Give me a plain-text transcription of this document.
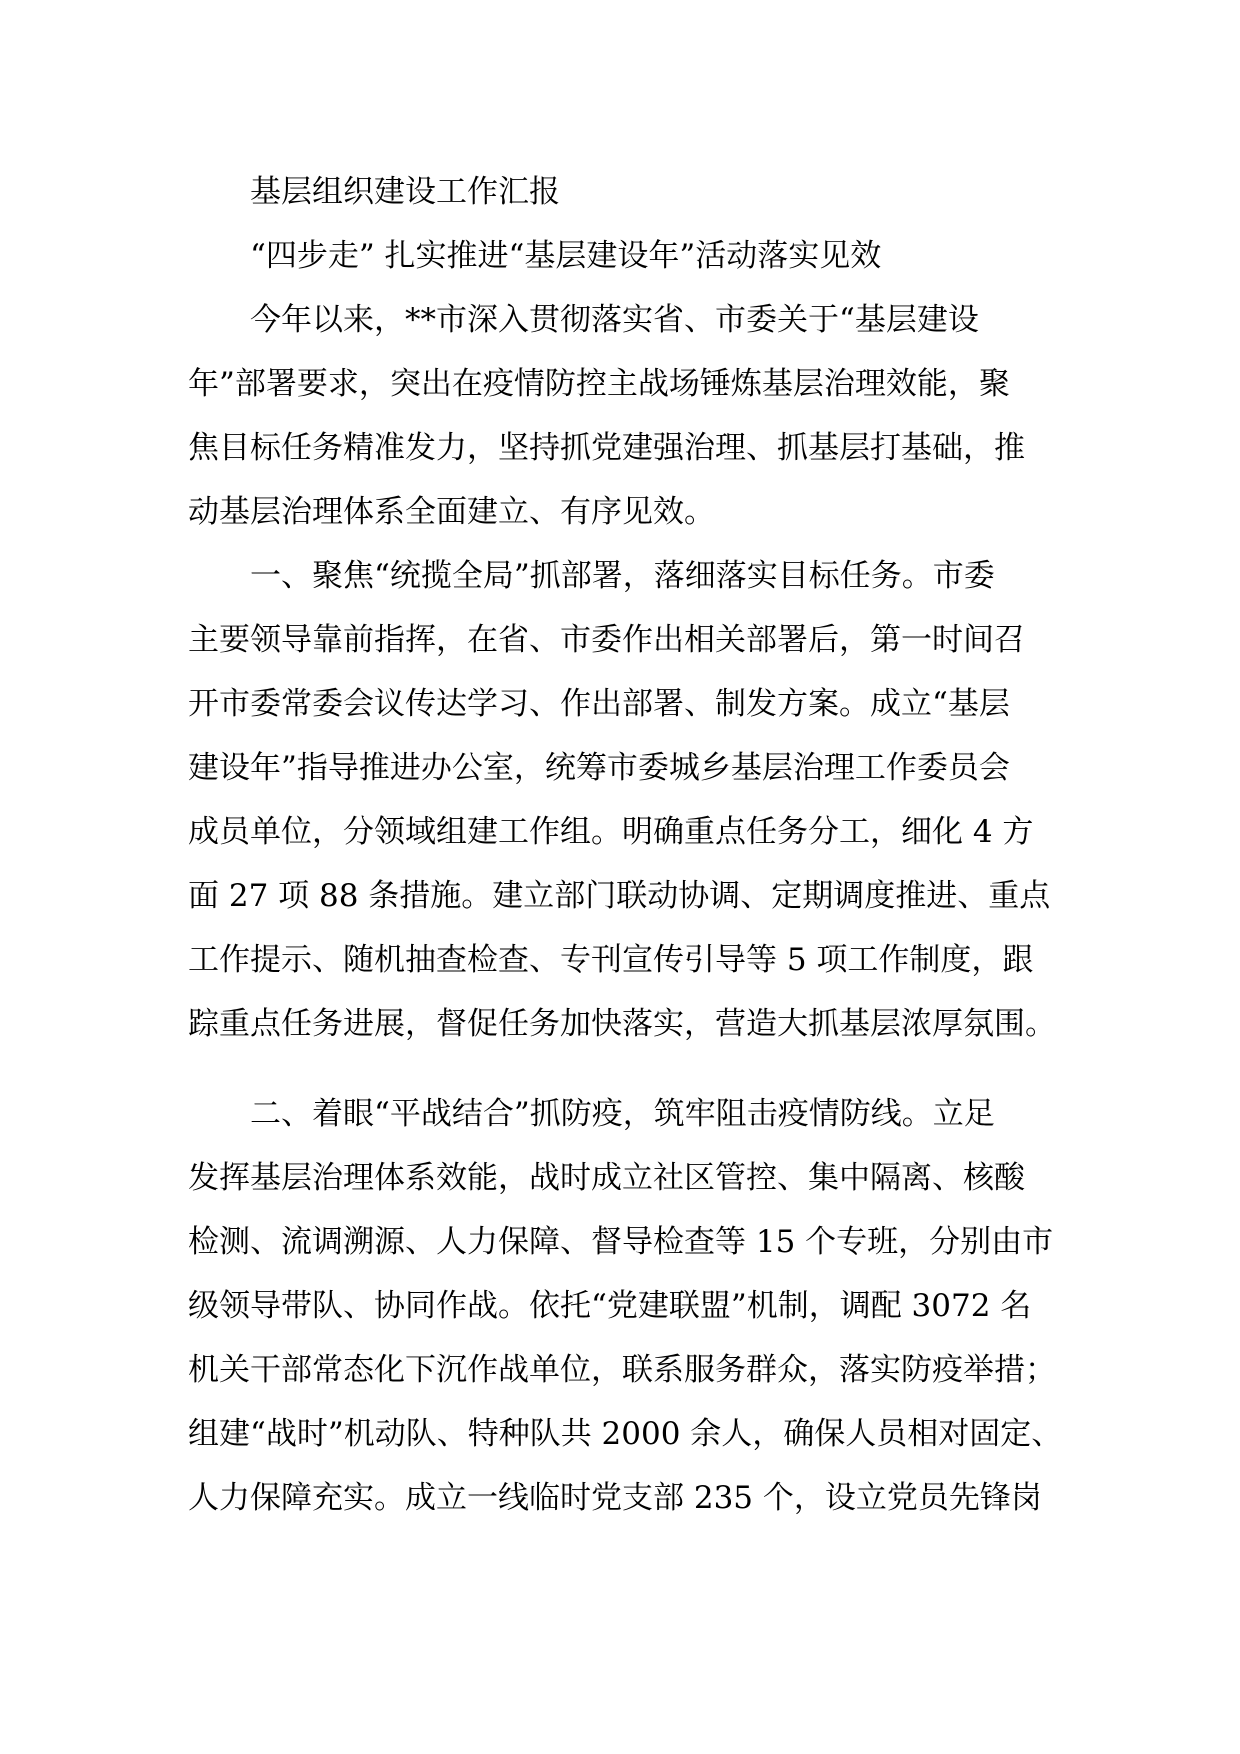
基层组织建设工作汇报

“四步走” 扎实推进“基层建设年”活动落实见效

今年以来，**市深入贯彻落实省、市委关于“基层建设

年”部署要求，突出在疫情防控主战场锤炼基层治理效能，聚

焦目标任务精准发力，坚持抓党建强治理、抓基层打基础，推

动基层治理体系全面建立、有序见效。

一、聚焦“统揽全局”抓部署，落细落实目标任务。市委

主要领导靠前指挥，在省、市委作出相关部署后，第一时间召

开市委常委会议传达学习、作出部署、制发方案。成立“基层

建设年”指导推进办公室，统筹市委城乡基层治理工作委员会

成员单位，分领域组建工作组。明确重点任务分工，细化 4 方

面 27 项 88 条措施。建立部门联动协调、定期调度推进、重点

工作提示、随机抽查检查、专刊宣传引导等 5 项工作制度，跟

踪重点任务进展，督促任务加快落实，营造大抓基层浓厚氛围。

二、着眼“平战结合”抓防疫，筑牢阻击疫情防线。立足

发挥基层治理体系效能，战时成立社区管控、集中隔离、核酸

检测、流调溯源、人力保障、督导检查等 15 个专班，分别由市

级领导带队、协同作战。依托“党建联盟”机制，调配 3072 名

机关干部常态化下沉作战单位，联系服务群众，落实防疫举措；

组建“战时”机动队、特种队共 2000 余人，确保人员相对固定、

人力保障充实。成立一线临时党支部 235 个，设立党员先锋岗
